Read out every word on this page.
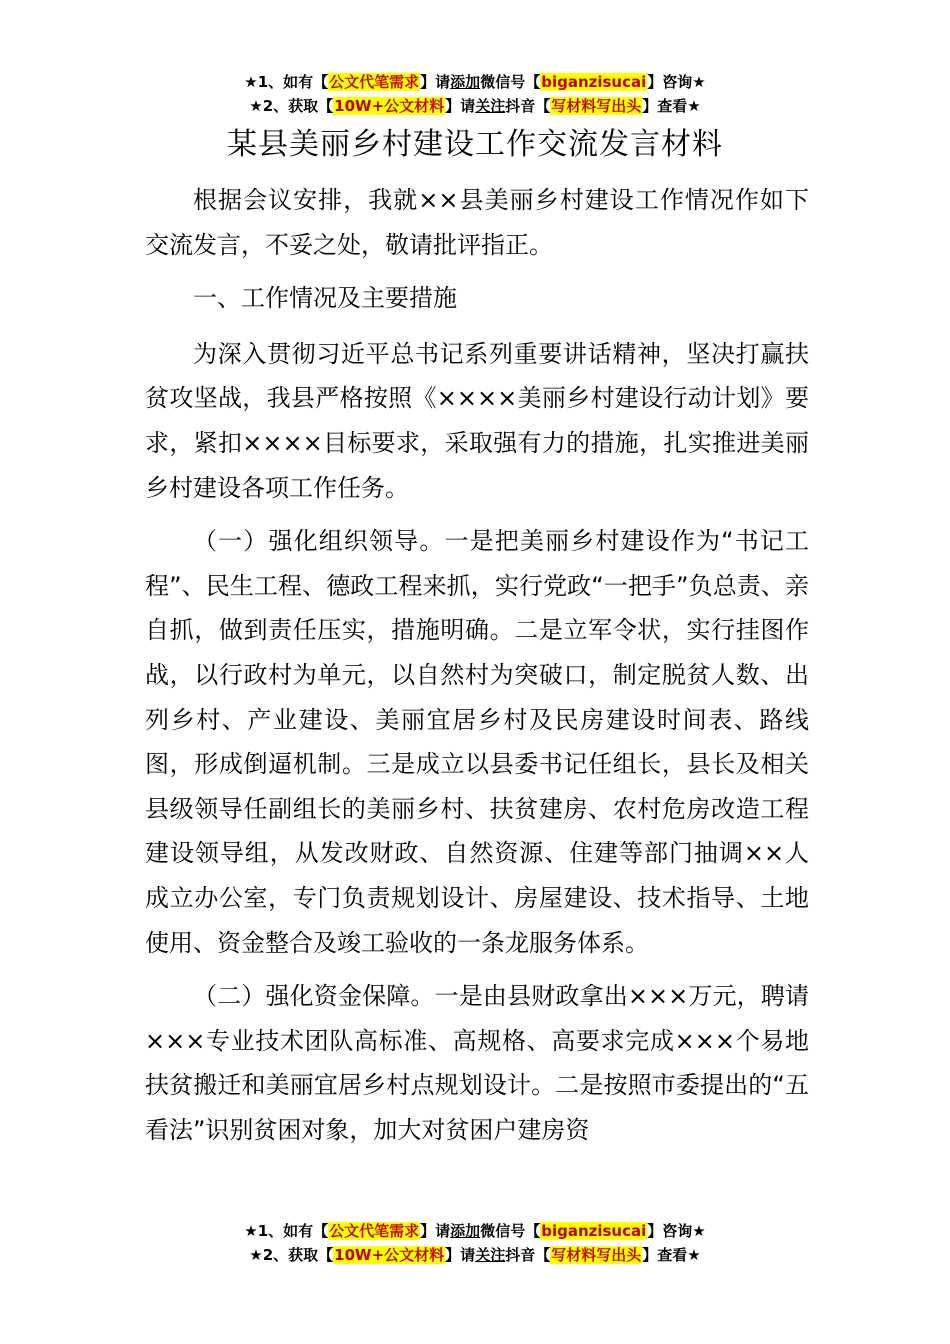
★1、如有【公文代笔需求】请添加微信号【biganzisucai】咨询★
★2、获取【10W+公文材料】请关注抖音【写材料写出头】查看★
某县美丽乡村建设工作交流发言材料

根据会议安排，我就××县美丽乡村建设工作情况作如下交流发言，不妥之处，敬请批评指正。

一、工作情况及主要措施

为深入贯彻习近平总书记系列重要讲话精神，坚决打赢扶贫攻坚战，我县严格按照《××××美丽乡村建设行动计划》要求，紧扣××××目标要求，采取强有力的措施，扎实推进美丽乡村建设各项工作任务。

（一）强化组织领导。一是把美丽乡村建设作为“书记工程”、民生工程、德政工程来抓，实行党政“一把手”负总责、亲自抓，做到责任压实，措施明确。二是立军令状，实行挂图作战，以行政村为单元，以自然村为突破口，制定脱贫人数、出列乡村、产业建设、美丽宜居乡村及民房建设时间表、路线图，形成倒逼机制。三是成立以县委书记任组长，县长及相关县级领导任副组长的美丽乡村、扶贫建房、农村危房改造工程建设领导组，从发改财政、自然资源、住建等部门抽调××人成立办公室，专门负责规划设计、房屋建设、技术指导、土地使用、资金整合及竣工验收的一条龙服务体系。

（二）强化资金保障。一是由县财政拿出×××万元，聘请×××专业技术团队高标准、高规格、高要求完成×××个易地扶贫搬迁和美丽宜居乡村点规划设计。二是按照市委提出的“五看法”识别贫困对象，加大对贫困户建房资

★1、如有【公文代笔需求】请添加微信号【biganzisucai】咨询★
★2、获取【10W+公文材料】请关注抖音【写材料写出头】查看★
